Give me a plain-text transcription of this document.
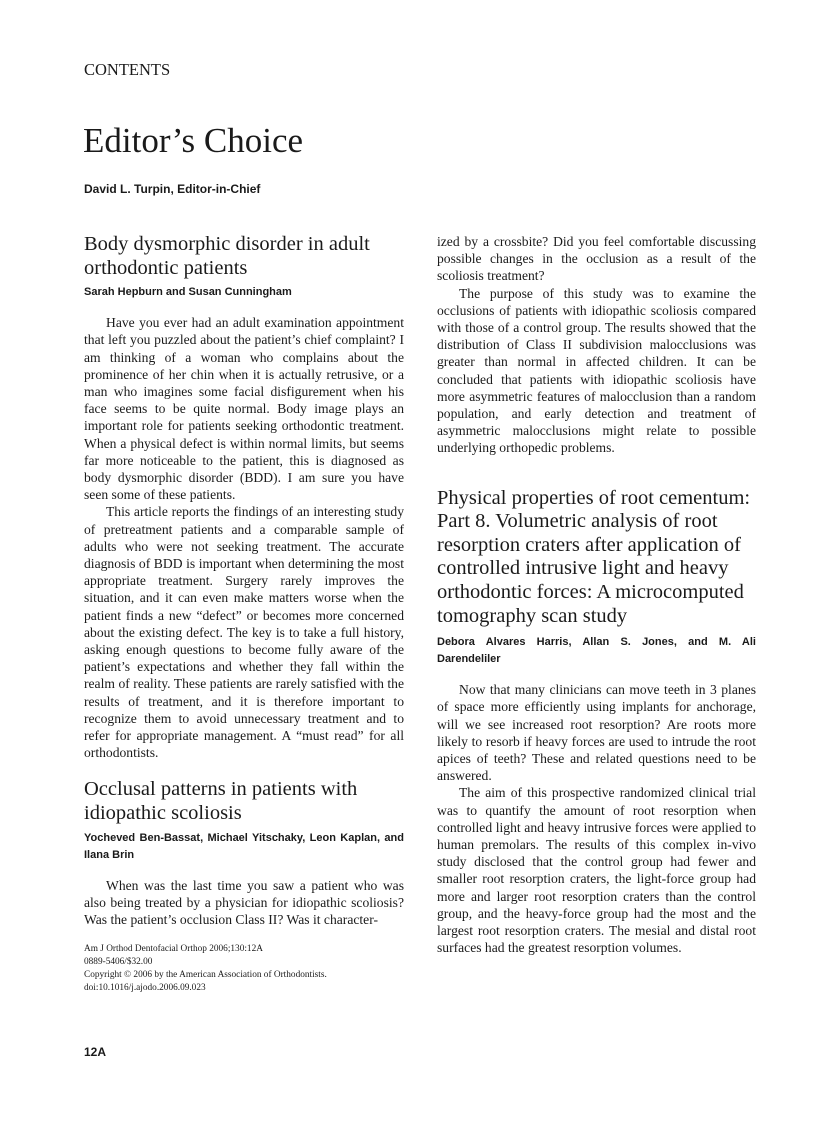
CONTENTS
Editor’s Choice
David L. Turpin, Editor-in-Chief
Body dysmorphic disorder in adult orthodontic patients
Sarah Hepburn and Susan Cunningham

Have you ever had an adult examination appointment that left you puzzled about the patient’s chief complaint? I am thinking of a woman who complains about the prominence of her chin when it is actually retrusive, or a man who imagines some facial disfigurement when his face seems to be quite normal. Body image plays an important role for patients seeking orthodontic treatment. When a physical defect is within normal limits, but seems far more noticeable to the patient, this is diagnosed as body dysmorphic disorder (BDD). I am sure you have seen some of these patients.

This article reports the findings of an interesting study of pretreatment patients and a comparable sample of adults who were not seeking treatment. The accurate diagnosis of BDD is important when determining the most appropriate treatment. Surgery rarely improves the situation, and it can even make matters worse when the patient finds a new “defect” or becomes more concerned about the existing defect. The key is to take a full history, asking enough questions to become fully aware of the patient’s expectations and whether they fall within the realm of reality. These patients are rarely satisfied with the results of treatment, and it is therefore important to recognize them to avoid unnecessary treatment and to refer for appropriate management. A “must read” for all orthodontists.

Occlusal patterns in patients with idiopathic scoliosis
Yocheved Ben-Bassat, Michael Yitschaky, Leon Kaplan, and Ilana Brin

When was the last time you saw a patient who was also being treated by a physician for idiopathic scoliosis? Was the patient’s occlusion Class II? Was it character-

ized by a crossbite? Did you feel comfortable discussing possible changes in the occlusion as a result of the scoliosis treatment?

The purpose of this study was to examine the occlusions of patients with idiopathic scoliosis compared with those of a control group. The results showed that the distribution of Class II subdivision malocclusions was greater than normal in affected children. It can be concluded that patients with idiopathic scoliosis have more asymmetric features of malocclusion than a random population, and early detection and treatment of asymmetric malocclusions might relate to possible underlying orthopedic problems.

Physical properties of root cementum: Part 8. Volumetric analysis of root resorption craters after application of controlled intrusive light and heavy orthodontic forces: A microcomputed tomography scan study
Debora Alvares Harris, Allan S. Jones, and M. Ali Darendeliler

Now that many clinicians can move teeth in 3 planes of space more efficiently using implants for anchorage, will we see increased root resorption? Are roots more likely to resorb if heavy forces are used to intrude the root apices of teeth? These and related questions need to be answered.

The aim of this prospective randomized clinical trial was to quantify the amount of root resorption when controlled light and heavy intrusive forces were applied to human premolars. The results of this complex in-vivo study disclosed that the control group had fewer and smaller root resorption craters, the light-force group had more and larger root resorption craters than the control group, and the heavy-force group had the most and the largest root resorption craters. The mesial and distal root surfaces had the greatest resorption volumes.

Am J Orthod Dentofacial Orthop 2006;130:12A
0889-5406/$32.00
Copyright © 2006 by the American Association of Orthodontists.
doi:10.1016/j.ajodo.2006.09.023
12A
